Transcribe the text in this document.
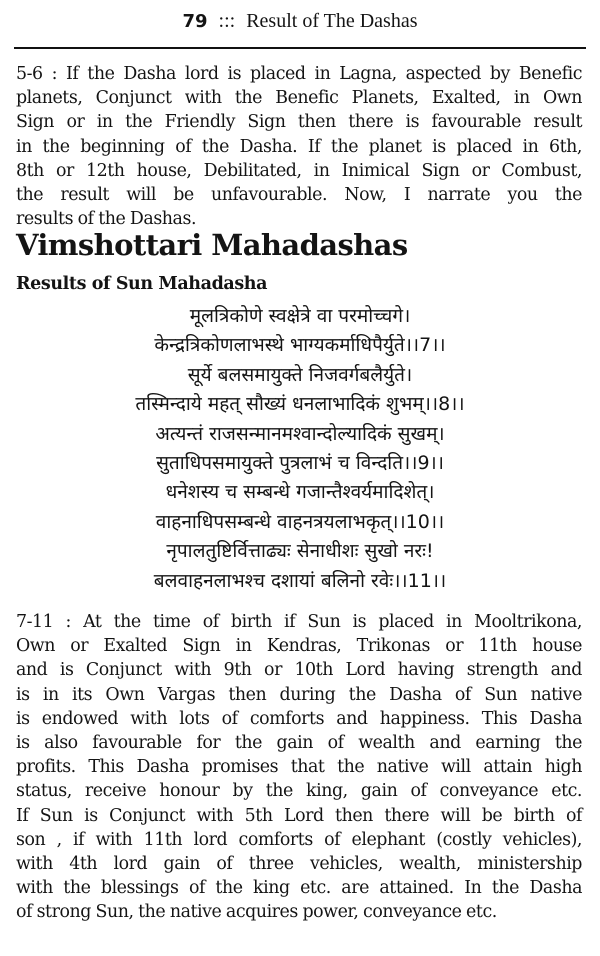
79 ::: Result of The Dashas
5-6 : If the Dasha lord is placed in Lagna, aspected by Benefic
planets, Conjunct with the Benefic Planets, Exalted, in Own
Sign or in the Friendly Sign then there is favourable result
in the beginning of the Dasha. If the planet is placed in 6th,
8th or 12th house, Debilitated, in Inimical Sign or Combust,
the result will be unfavourable. Now, I narrate you the
results of the Dashas.
Vimshottari Mahadashas
Results of Sun Mahadasha
मूलत्रिकोणे स्वक्षेत्रे वा परमोच्चगे।
केन्द्रत्रिकोणलाभस्थे भाग्यकर्माधिपैर्युते।।7।।
सूर्ये बलसमायुक्ते निजवर्गबलैर्युते।
तस्मिन्दाये महत् सौख्यं धनलाभादिकं शुभम्।।8।।
अत्यन्तं राजसन्मानमश्वान्दोल्यादिकं सुखम्।
सुताधिपसमायुक्ते पुत्रलाभं च विन्दति।।9।।
धनेशस्य च सम्बन्धे गजान्तैश्वर्यमादिशेत्।
वाहनाधिपसम्बन्धे वाहनत्रयलाभकृत्।।10।।
नृपालतुष्टिर्वित्ताढ्यः सेनाधीशः सुखो नरः!
बलवाहनलाभश्च दशायां बलिनो रवेः।।11।।
7-11 : At the time of birth if Sun is placed in Mooltrikona,
Own or Exalted Sign in Kendras, Trikonas or 11th house
and is Conjunct with 9th or 10th Lord having strength and
is in its Own Vargas then during the Dasha of Sun native
is endowed with lots of comforts and happiness. This Dasha
is also favourable for the gain of wealth and earning the
profits. This Dasha promises that the native will attain high
status, receive honour by the king, gain of conveyance etc.
If Sun is Conjunct with 5th Lord then there will be birth of
son , if with 11th lord comforts of elephant (costly vehicles),
with 4th lord gain of three vehicles, wealth, ministership
with the blessings of the king etc. are attained. In the Dasha
of strong Sun, the native acquires power, conveyance etc.
